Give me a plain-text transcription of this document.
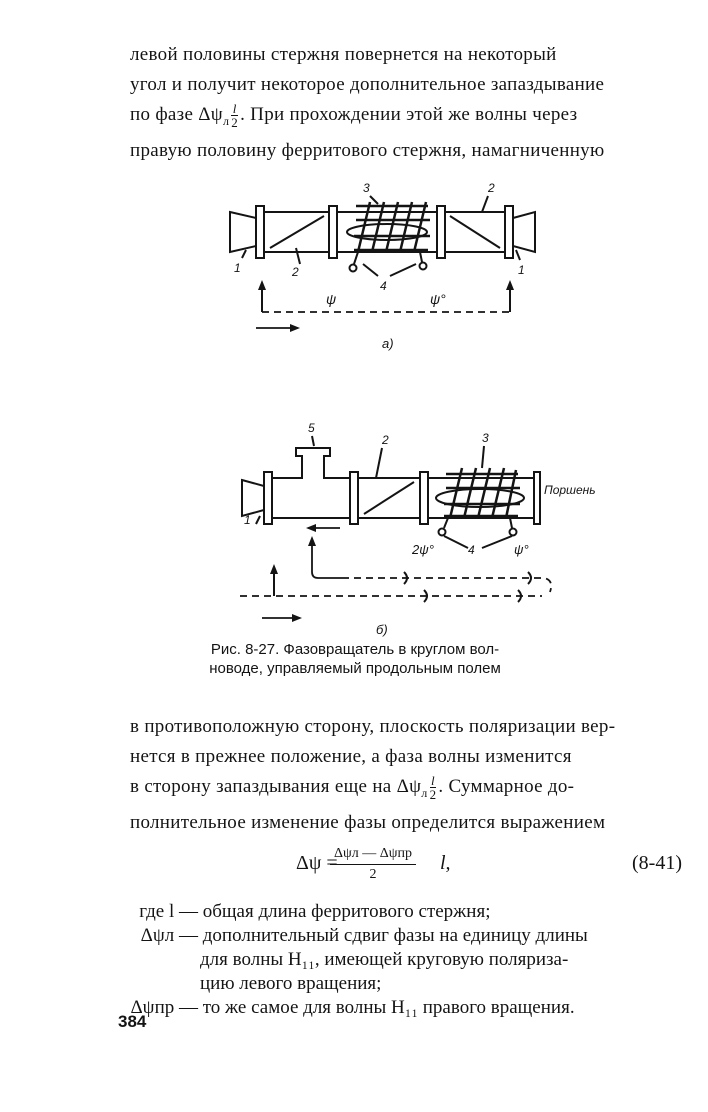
левой половины стержня повернется на некоторый
угол и получит некоторое дополнительное запаздывание
по фазе $\Delta\psi_л \frac{l}{2}$ . При прохождении этой же волны через
правую половину ферритового стержня, намагниченную
3	2
1	2	1
4
ψ	ψ°
а)
5
2	3
Поршень
1
4
2ψ°	ψ°
б)
Рис. 8-27. Фазовращатель в круглом вол-
новоде, управляемый продольным полем
в противоположную сторону, плоскость поляризации вер-
нется в прежнее положение, а фаза волны изменится
в сторону запаздывания еще на $\Delta\psi_л \frac{l}{2}$ . Суммарное до-
полнительное изменение фазы определится выражением
Δψ =
Δψл — Δψпр
2
l,	(8-41)
где l — общая длина ферритового стержня;
Δψл — дополнительный сдвиг фазы на единицу длины
для волны H₁₁, имеющей круговую поляриза-
цию левого вращения;
Δψпр — то же самое для волны H₁₁ правого вращения.
384
